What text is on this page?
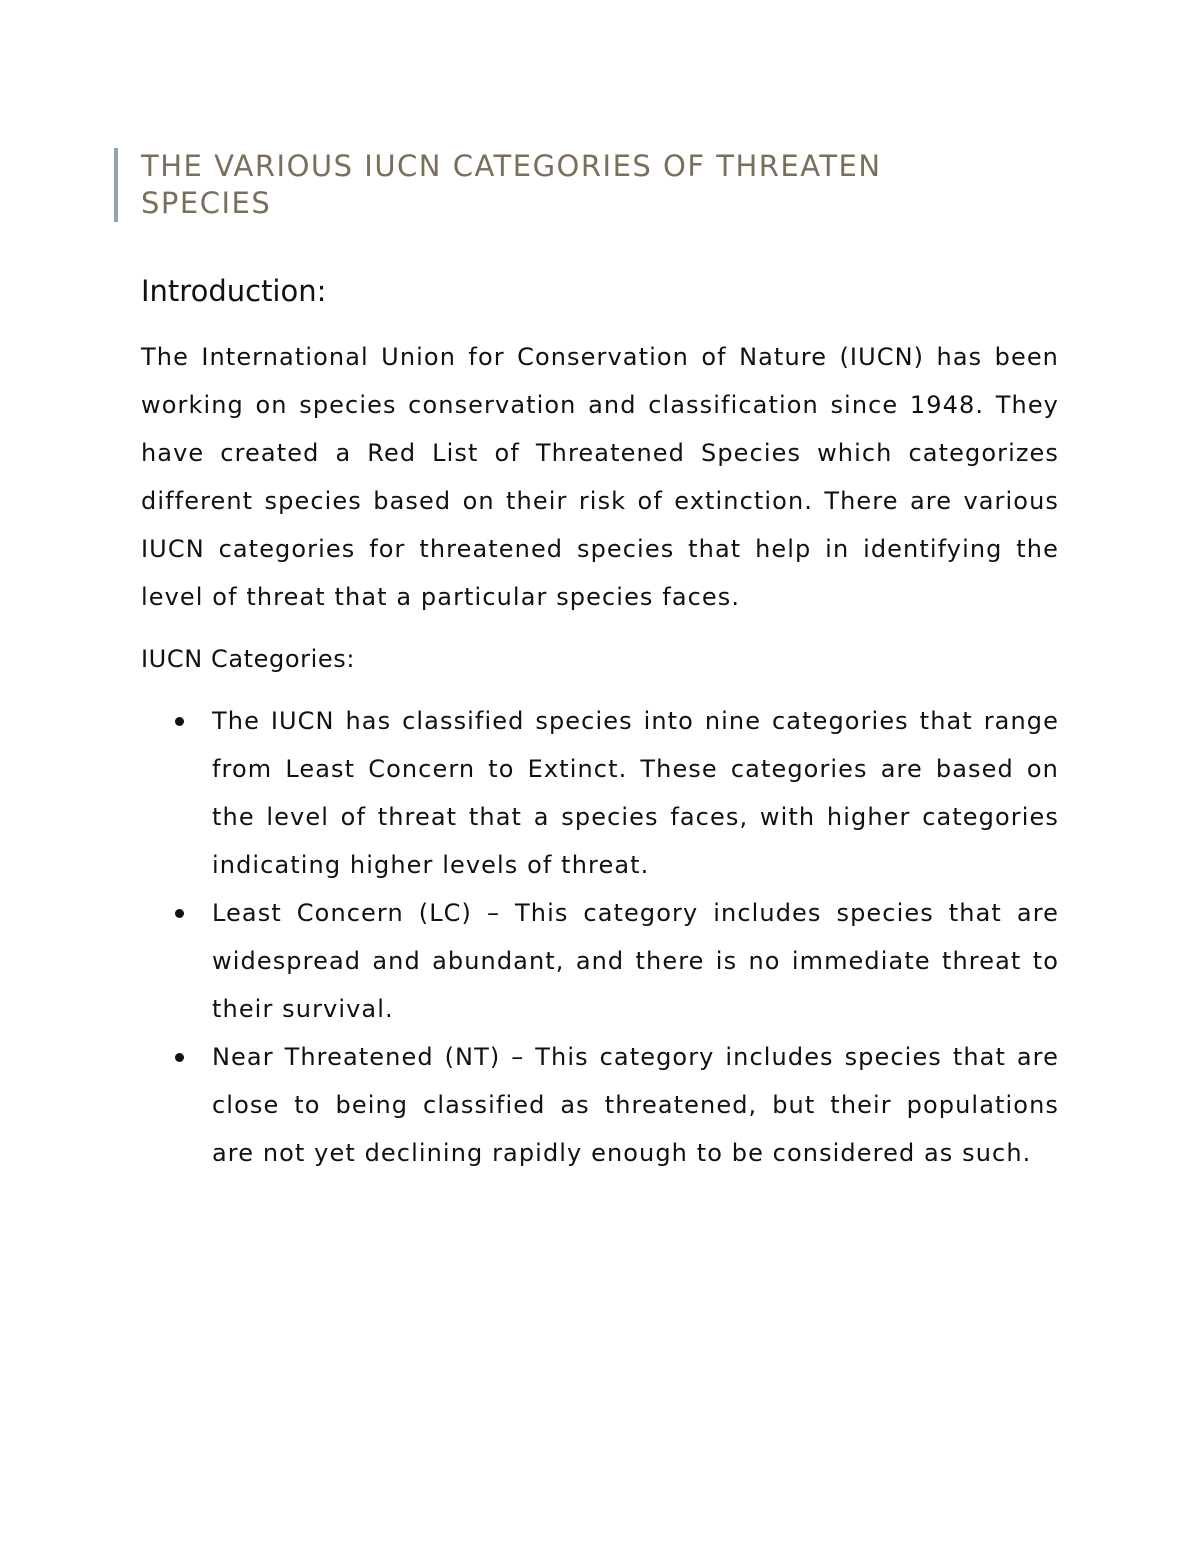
THE VARIOUS IUCN CATEGORIES OF THREATEN SPECIES
Introduction:

The International Union for Conservation of Nature (IUCN) has been working on species conservation and classification since 1948. They have created a Red List of Threatened Species which categorizes different species based on their risk of extinction. There are various IUCN categories for threatened species that help in identifying the level of threat that a particular species faces.

IUCN Categories:

The IUCN has classified species into nine categories that range from Least Concern to Extinct. These categories are based on the level of threat that a species faces, with higher categories indicating higher levels of threat.
Least Concern (LC) – This category includes species that are widespread and abundant, and there is no immediate threat to their survival.
Near Threatened (NT) – This category includes species that are close to being classified as threatened, but their populations are not yet declining rapidly enough to be considered as such.
